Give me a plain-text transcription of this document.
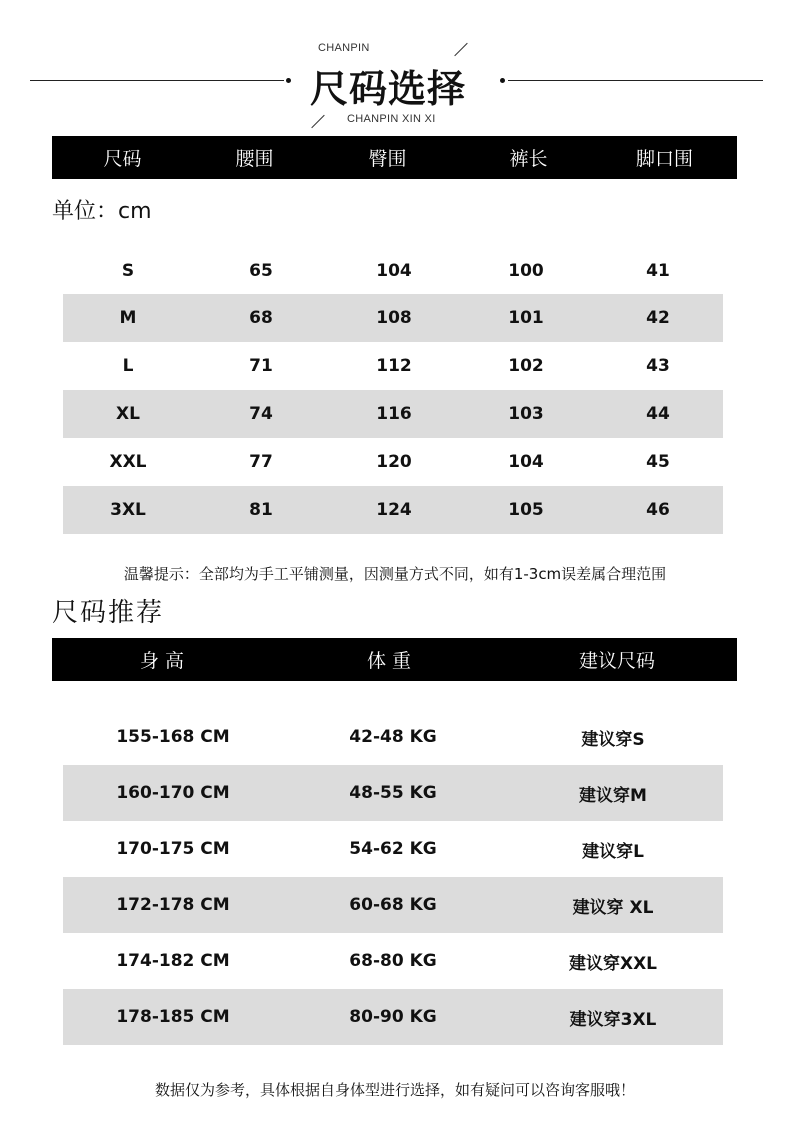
CHANPIN
尺码选择
CHANPIN XIN XI
尺码	腰围	臀围	裤长	脚口围
单位：cm
S	65	104	100	41
M	68	108	101	42
L	71	112	102	43
XL	74	116	103	44
XXL	77	120	104	45
3XL	81	124	105	46
温馨提示：全部均为手工平铺测量，因测量方式不同，如有1-3cm误差属合理范围
尺码推荐
身 高	体 重	建议尺码
155-168 CM	42-48 KG	建议穿S
160-170 CM	48-55 KG	建议穿M
170-175 CM	54-62 KG	建议穿L
172-178 CM	60-68 KG	建议穿 XL
174-182 CM	68-80 KG	建议穿XXL
178-185 CM	80-90 KG	建议穿3XL
数据仅为参考，具体根据自身体型进行选择，如有疑问可以咨询客服哦！
